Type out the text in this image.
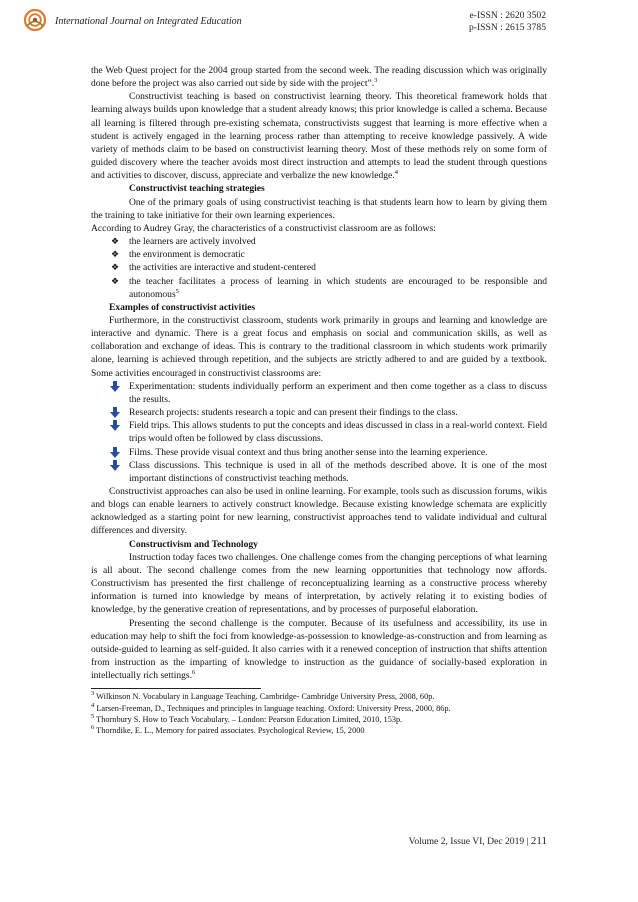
International Journal on Integrated Education
e-ISSN : 2620 3502
p-ISSN : 2615 3785

the Web Quest project for the 2004 group started from the second week. The reading discussion which was originally done before the project was also carried out side by side with the project”.$^3$

Constructivist teaching is based on constructivist learning theory. This theoretical framework holds that learning always builds upon knowledge that a student already knows; this prior knowledge is called a schema. Because all learning is filtered through pre-existing schemata, constructivists suggest that learning is more effective when a student is actively engaged in the learning process rather than attempting to receive knowledge passively. A wide variety of methods claim to be based on constructivist learning theory. Most of these methods rely on some form of guided discovery where the teacher avoids most direct instruction and attempts to lead the student through questions and activities to discover, discuss, appreciate and verbalize the new knowledge.$^4$

Constructivist teaching strategies

One of the primary goals of using constructivist teaching is that students learn how to learn by giving them the training to take initiative for their own learning experiences.

According to Audrey Gray, the characteristics of a constructivist classroom are as follows:

❖ the learners are actively involved
❖ the environment is democratic
❖ the activities are interactive and student-centered
❖ the teacher facilitates a process of learning in which students are encouraged to be responsible and autonomous$^5$

Examples of constructivist activities

Furthermore, in the constructivist classroom, students work primarily in groups and learning and knowledge are interactive and dynamic. There is a great focus and emphasis on social and communication skills, as well as collaboration and exchange of ideas. This is contrary to the traditional classroom in which students work primarily alone, learning is achieved through repetition, and the subjects are strictly adhered to and are guided by a textbook. Some activities encouraged in constructivist classrooms are:

Experimentation: students individually perform an experiment and then come together as a class to discuss the results.
Research projects: students research a topic and can present their findings to the class.
Field trips. This allows students to put the concepts and ideas discussed in class in a real-world context. Field trips would often be followed by class discussions.
Films. These provide visual context and thus bring another sense into the learning experience.
Class discussions. This technique is used in all of the methods described above. It is one of the most important distinctions of constructivist teaching methods.

Constructivist approaches can also be used in online learning. For example, tools such as discussion forums, wikis and blogs can enable learners to actively construct knowledge. Because existing knowledge schemata are explicitly acknowledged as a starting point for new learning, constructivist approaches tend to validate individual and cultural differences and diversity.

Constructivism and Technology

Instruction today faces two challenges. One challenge comes from the changing perceptions of what learning is all about. The second challenge comes from the new learning opportunities that technology now affords. Constructivism has presented the first challenge of reconceptualizing learning as a constructive process whereby information is turned into knowledge by means of interpretation, by actively relating it to existing bodies of knowledge, by the generative creation of representations, and by processes of purposeful elaboration.

Presenting the second challenge is the computer. Because of its usefulness and accessibility, its use in education may help to shift the foci from knowledge-as-possession to knowledge-as-construction and from learning as outside-guided to learning as self-guided. It also carries with it a renewed conception of instruction that shifts attention from instruction as the imparting of knowledge to instruction as the guidance of socially-based exploration in intellectually rich settings.$^6$

$^3$ Wilkinson N. Vocabulary in Language Teaching. Cambridge- Cambridge University Press, 2008, 60p.

$^4$ Larsen-Freeman, D., Techniques and principles in language teaching. Oxford: University Press, 2000, 86p.

$^5$ Thornbury S. How to Teach Vocabulary. – London: Pearson Education Limited, 2010, 153p.

$^6$ Thorndike, E. L., Memory for paired associates. Psychological Review, 15, 2000

Volume 2, Issue VI, Dec 2019 | 211
